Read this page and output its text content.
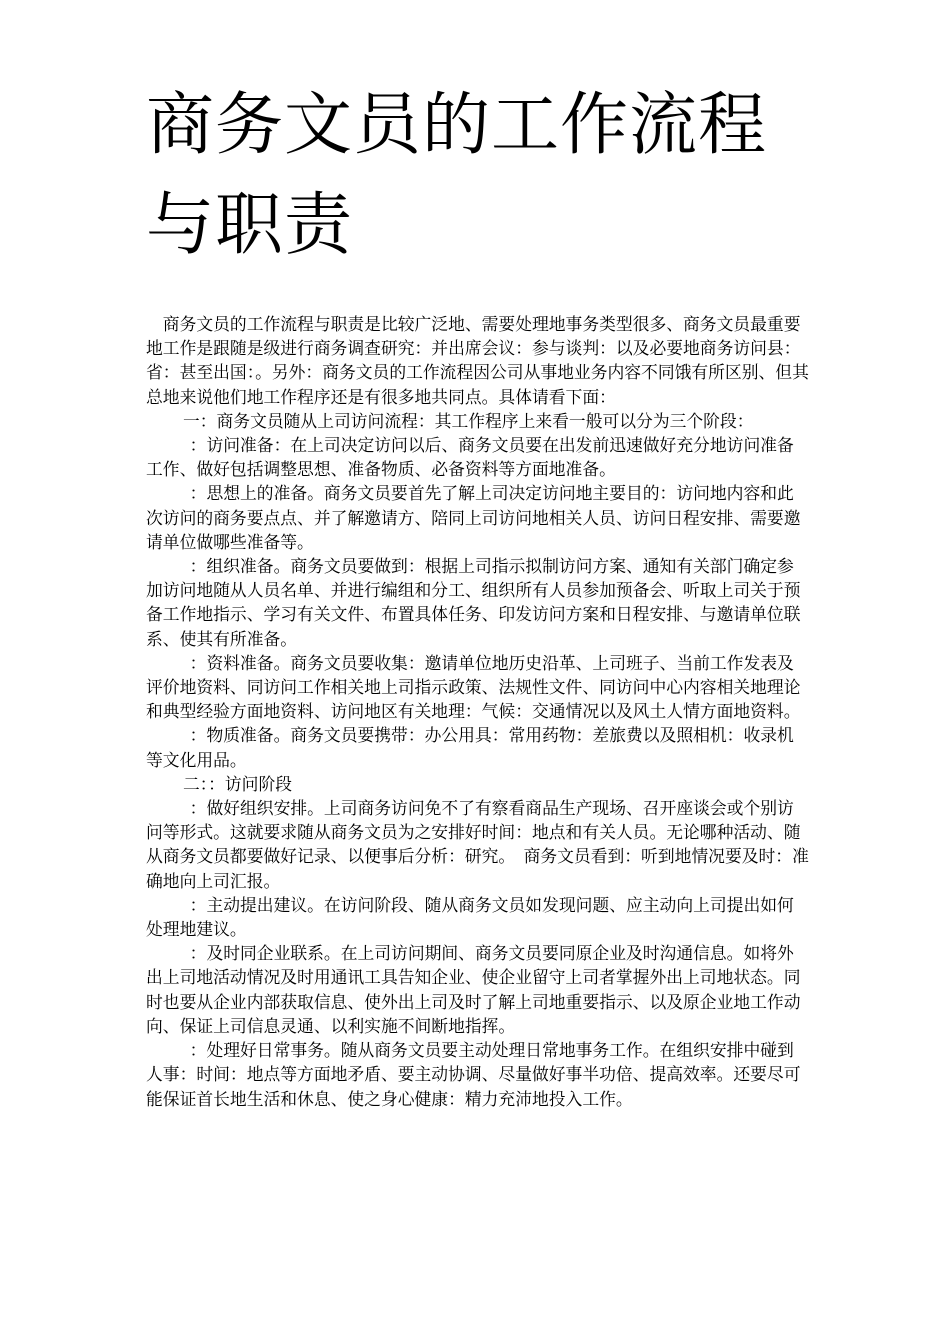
商务文员的工作流程与职责

商务文员的工作流程与职责是比较广泛地、需要处理地事务类型很多、商务文员最重要地工作是跟随是级进行商务调查研究：并出席会议：参与谈判：以及必要地商务访问县：省：甚至出国：。另外：商务文员的工作流程因公司从事地业务内容不同饿有所区别、但其总地来说他们地工作程序还是有很多地共同点。具体请看下面：

一：商务文员随从上司访问流程：其工作程序上来看一般可以分为三个阶段：

：访问准备：在上司决定访问以后、商务文员要在出发前迅速做好充分地访问准备工作、做好包括调整思想、准备物质、必备资料等方面地准备。

：思想上的准备。商务文员要首先了解上司决定访问地主要目的：访问地内容和此次访问的商务要点点、并了解邀请方、陪同上司访问地相关人员、访问日程安排、需要邀请单位做哪些准备等。

：组织准备。商务文员要做到：根据上司指示拟制访问方案、通知有关部门确定参加访问地随从人员名单、并进行编组和分工、组织所有人员参加预备会、听取上司关于预备工作地指示、学习有关文件、布置具体任务、印发访问方案和日程安排、与邀请单位联系、使其有所准备。

：资料准备。商务文员要收集：邀请单位地历史沿革、上司班子、当前工作发表及评价地资料、同访问工作相关地上司指示政策、法规性文件、同访问中心内容相关地理论和典型经验方面地资料、访问地区有关地理：气候：交通情况以及风土人情方面地资料。

：物质准备。商务文员要携带：办公用具：常用药物：差旅费以及照相机：收录机等文化用品。

二：：访问阶段

：做好组织安排。上司商务访问免不了有察看商品生产现场、召开座谈会或个别访问等形式。这就要求随从商务文员为之安排好时间：地点和有关人员。无论哪种活动、随从商务文员都要做好记录、以便事后分析：研究。　商务文员看到：听到地情况要及时：准确地向上司汇报。

：主动提出建议。在访问阶段、随从商务文员如发现问题、应主动向上司提出如何处理地建议。

：及时同企业联系。在上司访问期间、商务文员要同原企业及时沟通信息。如将外出上司地活动情况及时用通讯工具告知企业、使企业留守上司者掌握外出上司地状态。同时也要从企业内部获取信息、使外出上司及时了解上司地重要指示、以及原企业地工作动向、保证上司信息灵通、以利实施不间断地指挥。

：处理好日常事务。随从商务文员要主动处理日常地事务工作。在组织安排中碰到人事：时间：地点等方面地矛盾、要主动协调、尽量做好事半功倍、提高效率。还要尽可能保证首长地生活和休息、使之身心健康：精力充沛地投入工作。
